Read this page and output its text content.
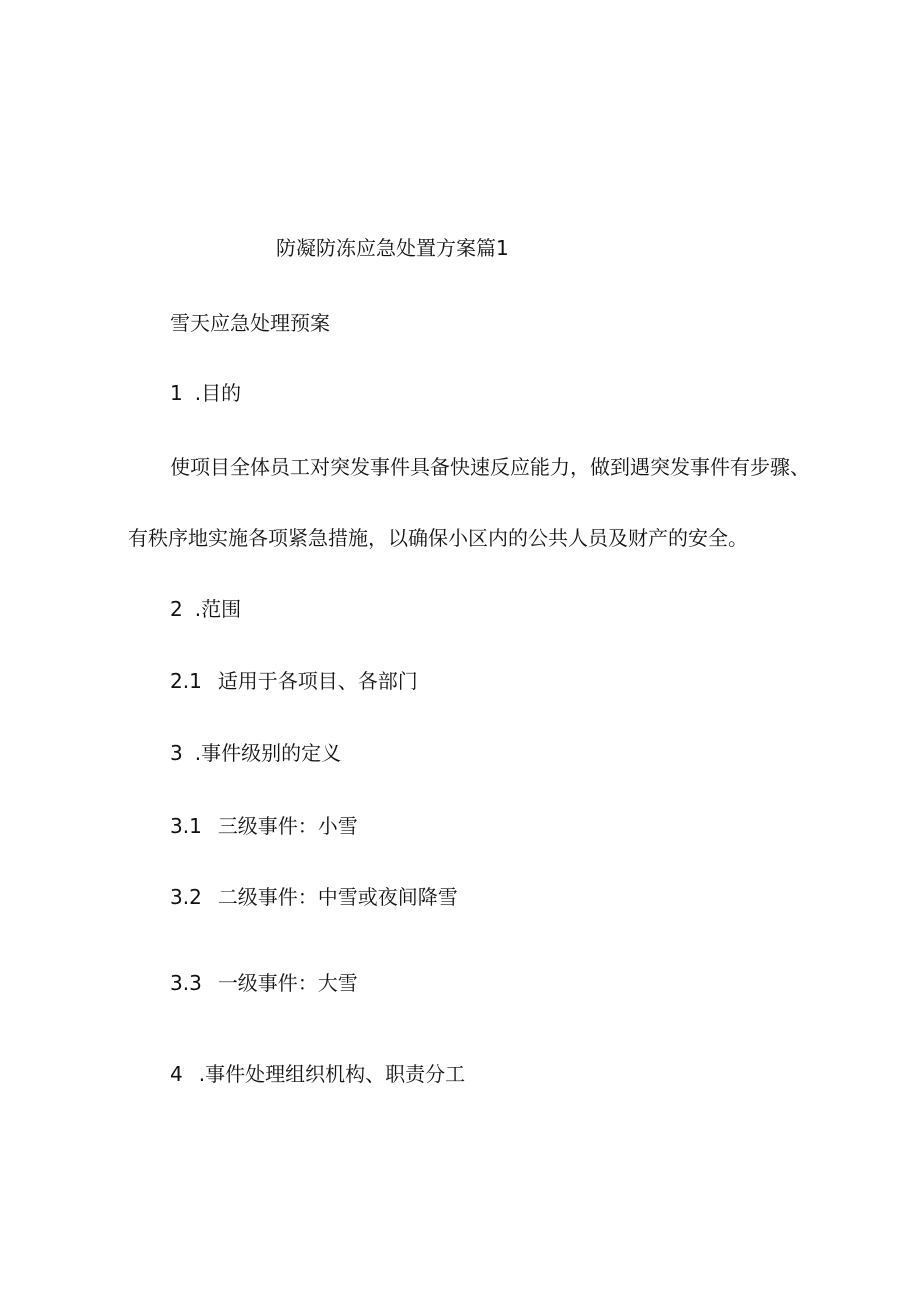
防凝防冻应急处置方案篇1
雪天应急处理预案
1 .目的
使项目全体员工对突发事件具备快速反应能力，做到遇突发事件有步骤、
有秩序地实施各项紧急措施，以确保小区内的公共人员及财产的安全。
2 .范围
2.1 适用于各项目、各部门
3 .事件级别的定义
3.1 三级事件：小雪
3.2 二级事件：中雪或夜间降雪
3.3 一级事件：大雪
4 .事件处理组织机构、职责分工
